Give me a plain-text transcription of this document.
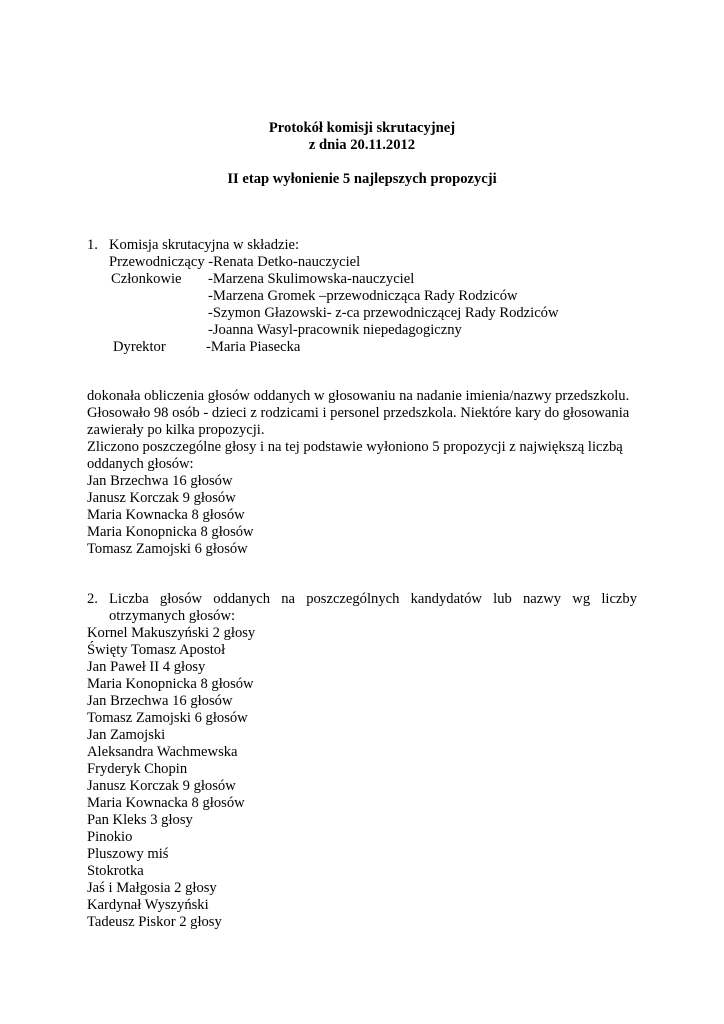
Protokół komisji skrutacyjnej
z dnia 20.11.2012
II etap wyłonienie 5 najlepszych propozycji
1. Komisja skrutacyjna w składzie:
Przewodniczący -Renata Detko-nauczyciel
Członkowie -Marzena Skulimowska-nauczyciel
-Marzena Gromek –przewodnicząca Rady Rodziców
-Szymon Głazowski- z-ca przewodniczącej Rady Rodziców
-Joanna Wasyl-pracownik niepedagogiczny
Dyrektor	-Maria Piasecka
dokonała obliczenia głosów oddanych w głosowaniu na nadanie imienia/nazwy przedszkolu.
Głosowało 98 osób - dzieci z rodzicami i personel przedszkola. Niektóre kary do głosowania
zawierały po kilka propozycji.
Zliczono poszczególne głosy i na tej podstawie wyłoniono 5 propozycji z największą liczbą
oddanych głosów:
Jan Brzechwa 16 głosów
Janusz Korczak 9 głosów
Maria Kownacka 8 głosów
Maria Konopnicka 8 głosów
Tomasz Zamojski 6 głosów
2. Liczba głosów oddanych na poszczególnych kandydatów lub nazwy wg liczby
otrzymanych głosów:
Kornel Makuszyński 2 głosy
Święty Tomasz Apostoł
Jan Paweł II 4 głosy
Maria Konopnicka 8 głosów
Jan Brzechwa 16 głosów
Tomasz Zamojski 6 głosów
Jan Zamojski
Aleksandra Wachmewska
Fryderyk Chopin
Janusz Korczak 9 głosów
Maria Kownacka 8 głosów
Pan Kleks 3 głosy
Pinokio
Pluszowy miś
Stokrotka
Jaś i Małgosia 2 głosy
Kardynał Wyszyński
Tadeusz Piskor 2 głosy
